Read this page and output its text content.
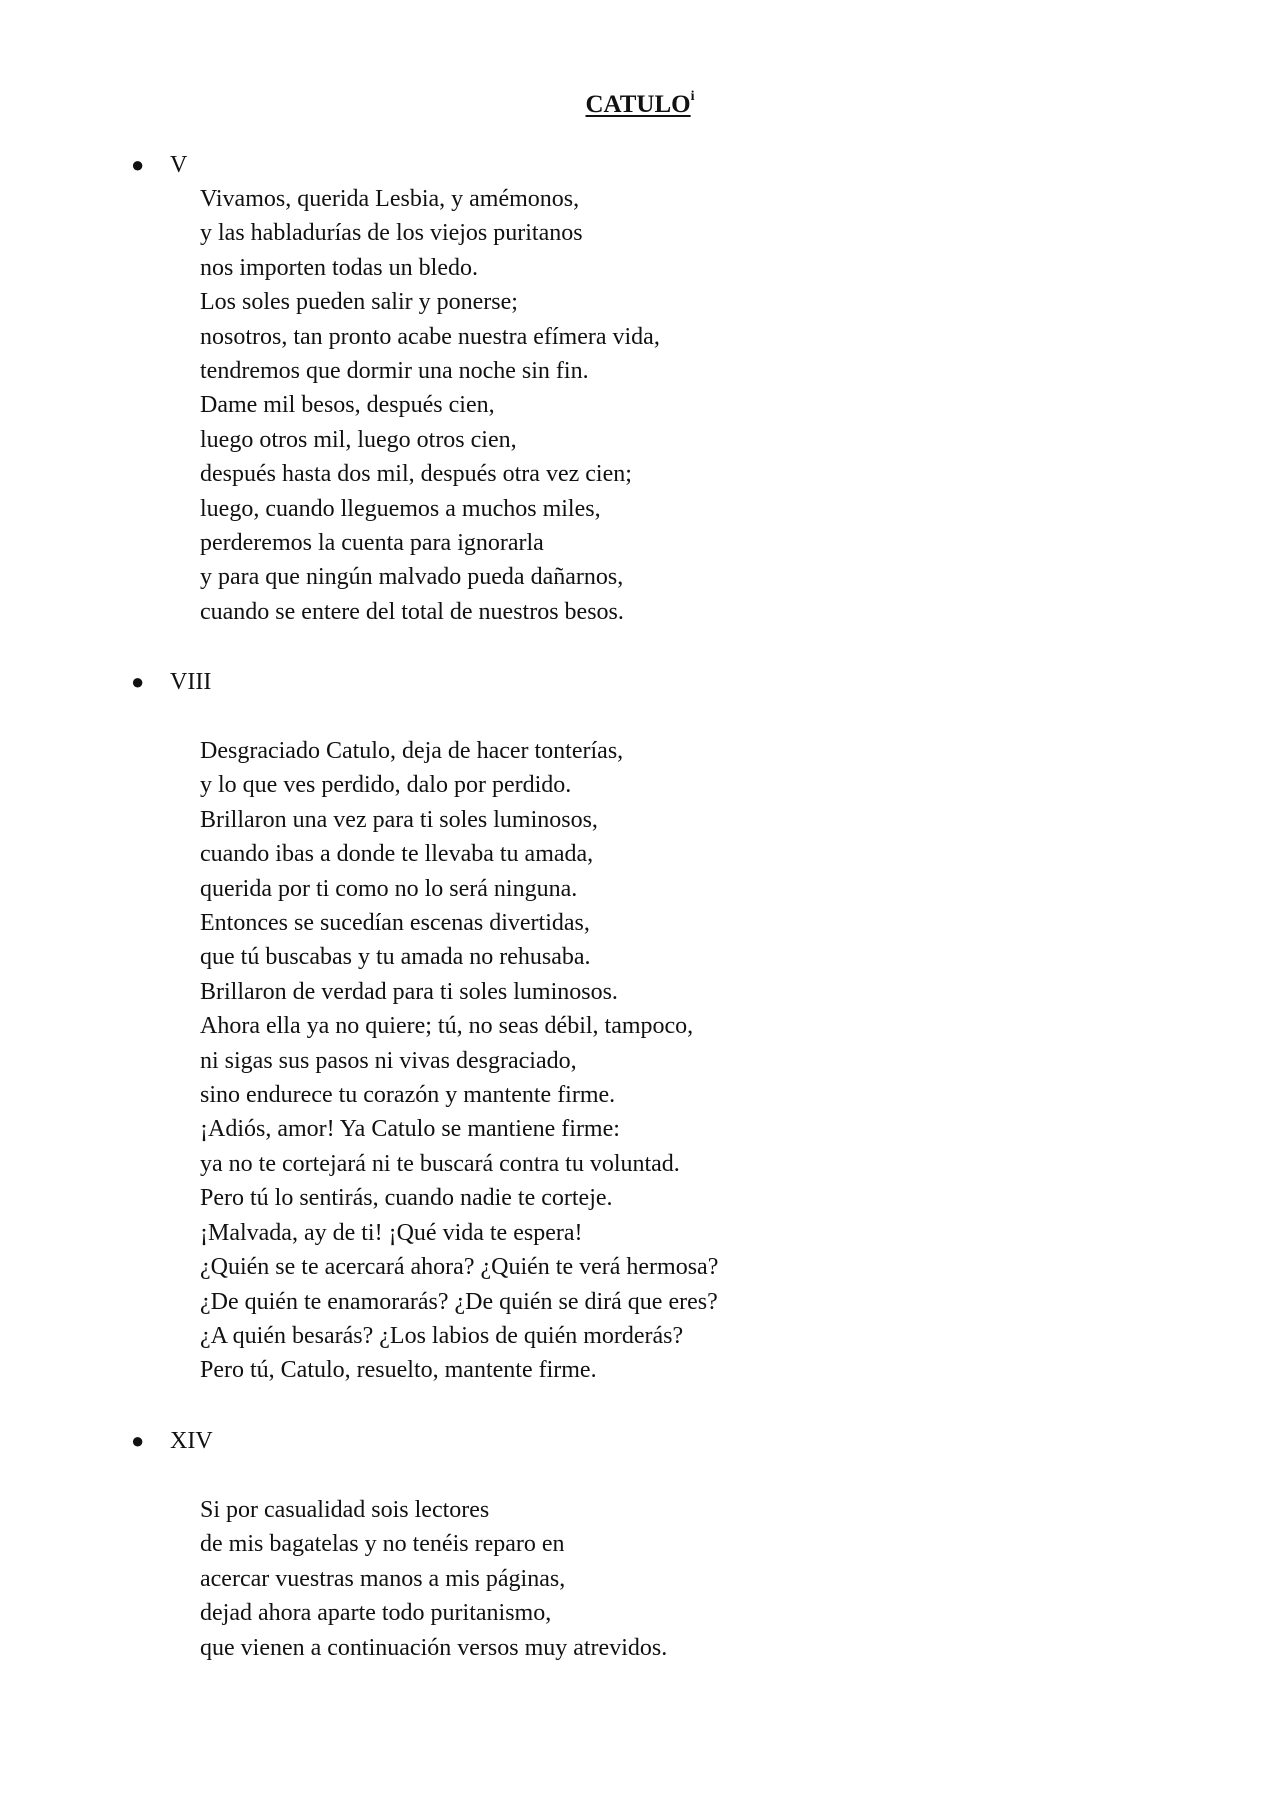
CATULO$^i$
● V
Vivamos, querida Lesbia, y amémonos,
y las habladurías de los viejos puritanos
nos importen todas un bledo.
Los soles pueden salir y ponerse;
nosotros, tan pronto acabe nuestra efímera vida,
tendremos que dormir una noche sin fin.
Dame mil besos, después cien,
luego otros mil, luego otros cien,
después hasta dos mil, después otra vez cien;
luego, cuando lleguemos a muchos miles,
perderemos la cuenta para ignorarla
y para que ningún malvado pueda dañarnos,
cuando se entere del total de nuestros besos.
● VIII
Desgraciado Catulo, deja de hacer tonterías,
y lo que ves perdido, dalo por perdido.
Brillaron una vez para ti soles luminosos,
cuando ibas a donde te llevaba tu amada,
querida por ti como no lo será ninguna.
Entonces se sucedían escenas divertidas,
que tú buscabas y tu amada no rehusaba.
Brillaron de verdad para ti soles luminosos.
Ahora ella ya no quiere; tú, no seas débil, tampoco,
ni sigas sus pasos ni vivas desgraciado,
sino endurece tu corazón y mantente firme.
¡Adiós, amor! Ya Catulo se mantiene firme:
ya no te cortejará ni te buscará contra tu voluntad.
Pero tú lo sentirás, cuando nadie te corteje.
¡Malvada, ay de ti! ¡Qué vida te espera!
¿Quién se te acercará ahora? ¿Quién te verá hermosa?
¿De quién te enamorarás? ¿De quién se dirá que eres?
¿A quién besarás? ¿Los labios de quién morderás?
Pero tú, Catulo, resuelto, mantente firme.
● XIV
Si por casualidad sois lectores
de mis bagatelas y no tenéis reparo en
acercar vuestras manos a mis páginas,
dejad ahora aparte todo puritanismo,
que vienen a continuación versos muy atrevidos.
